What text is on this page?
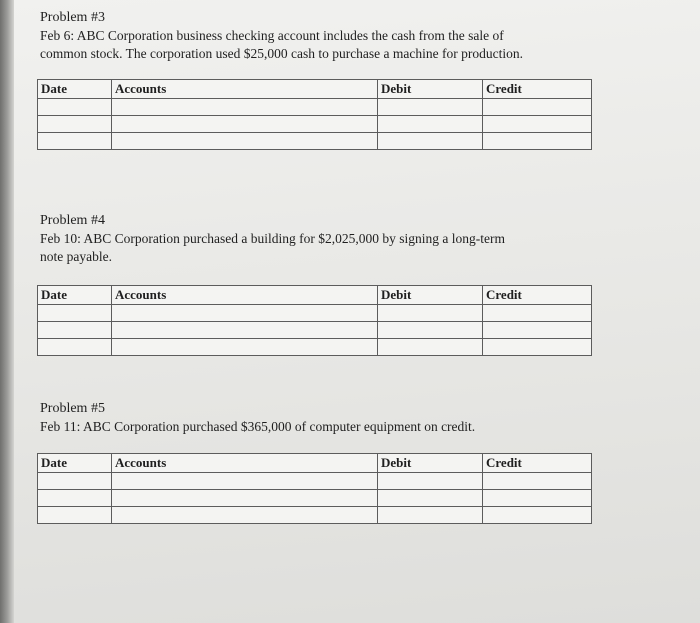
Problem #3

Feb 6: ABC Corporation business checking account includes the cash from the sale of

common stock. The corporation used $25,000 cash to purchase a machine for production.

Date	Accounts	Debit	Credit

Problem #4

Feb 10: ABC Corporation purchased a building for $2,025,000 by signing a long-term

note payable.

Date	Accounts	Debit	Credit

Problem #5

Feb 11: ABC Corporation purchased $365,000 of computer equipment on credit.

Date	Accounts	Debit	Credit
